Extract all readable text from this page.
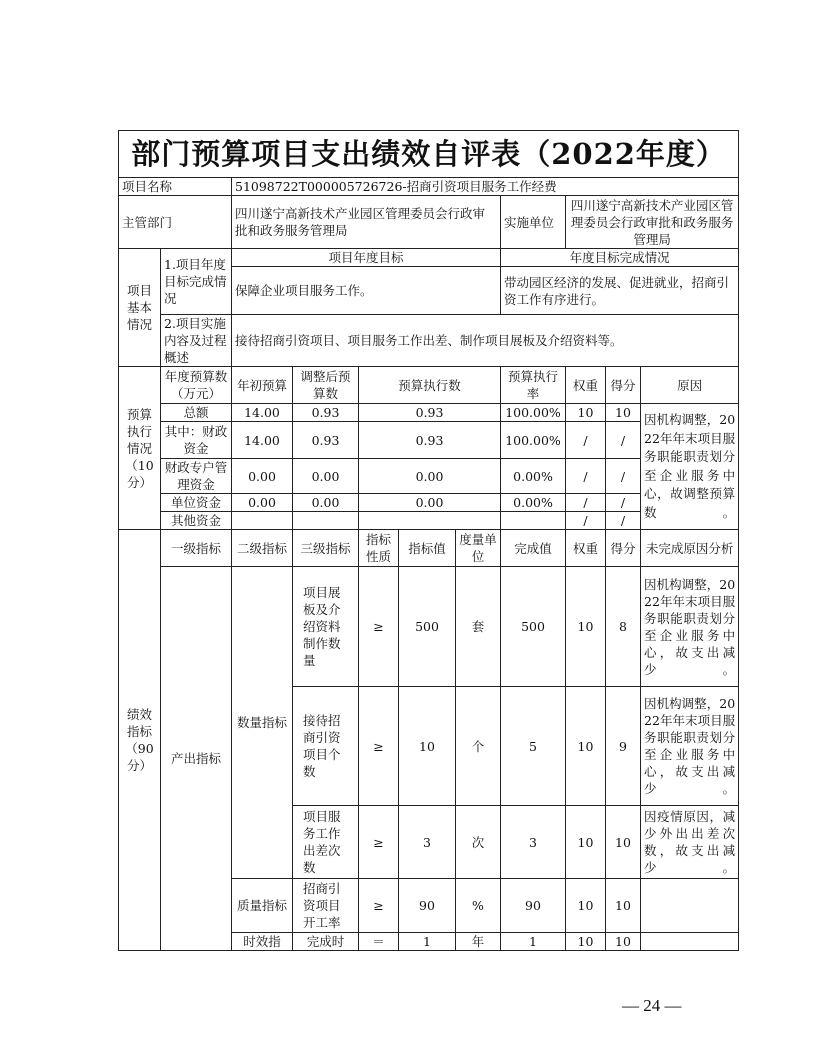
部门预算项目支出绩效自评表（2022年度）										
项目名称		51098722T000005726726-招商引资项目服务工作经费								
主管部门		四川遂宁高新技术产业园区管理委员会行政审批和政务服务管理局					实施单位	四川遂宁高新技术产业园区管理委员会行政审批和政务服务管理局		
项目基本情况	1.项目年度目标完成情况	项目年度目标					年度目标完成情况			
		保障企业项目服务工作。					带动园区经济的发展、促进就业，招商引资工作有序进行。			
	2.项目实施内容及过程概述	接待招商引资项目、项目服务工作出差、制作项目展板及介绍资料等。								
预算执行情况（10分）	年度预算数（万元）	年初预算	调整后预算数	预算执行数			预算执行率	权重	得分	原因
	总额	14.00	0.93	0.93			100.00%	10	10	因机构调整，2022年年末项目服务职能职责划分至企业服务中心，故调整预算数。
	其中：财政资金	14.00	0.93	0.93			100.00%	/	/	
	财政专户管理资金	0.00	0.00	0.00			0.00%	/	/	
	单位资金	0.00	0.00	0.00			0.00%	/	/	
	其他资金							/	/	
绩效指标（90分）	一级指标	二级指标	三级指标	指标性质	指标值	度量单位	完成值	权重	得分	未完成原因分析
	产出指标	数量指标	项目展板及介绍资料制作数量	≥	500	套	500	10	8	因机构调整，2022年年末项目服务职能职责划分至企业服务中心，故支出减少。
			接待招商引资项目个数	≥	10	个	5	10	9	因机构调整，2022年年末项目服务职能职责划分至企业服务中心，故支出减少。
			项目服务工作出差次数	≥	3	次	3	10	10	因疫情原因，减少外出出差次数，故支出减少。
		质量指标	招商引资项目开工率	≥	90	%	90	10	10	
		时效指	完成时	＝	1	年	1	10	10	
— 24 —
